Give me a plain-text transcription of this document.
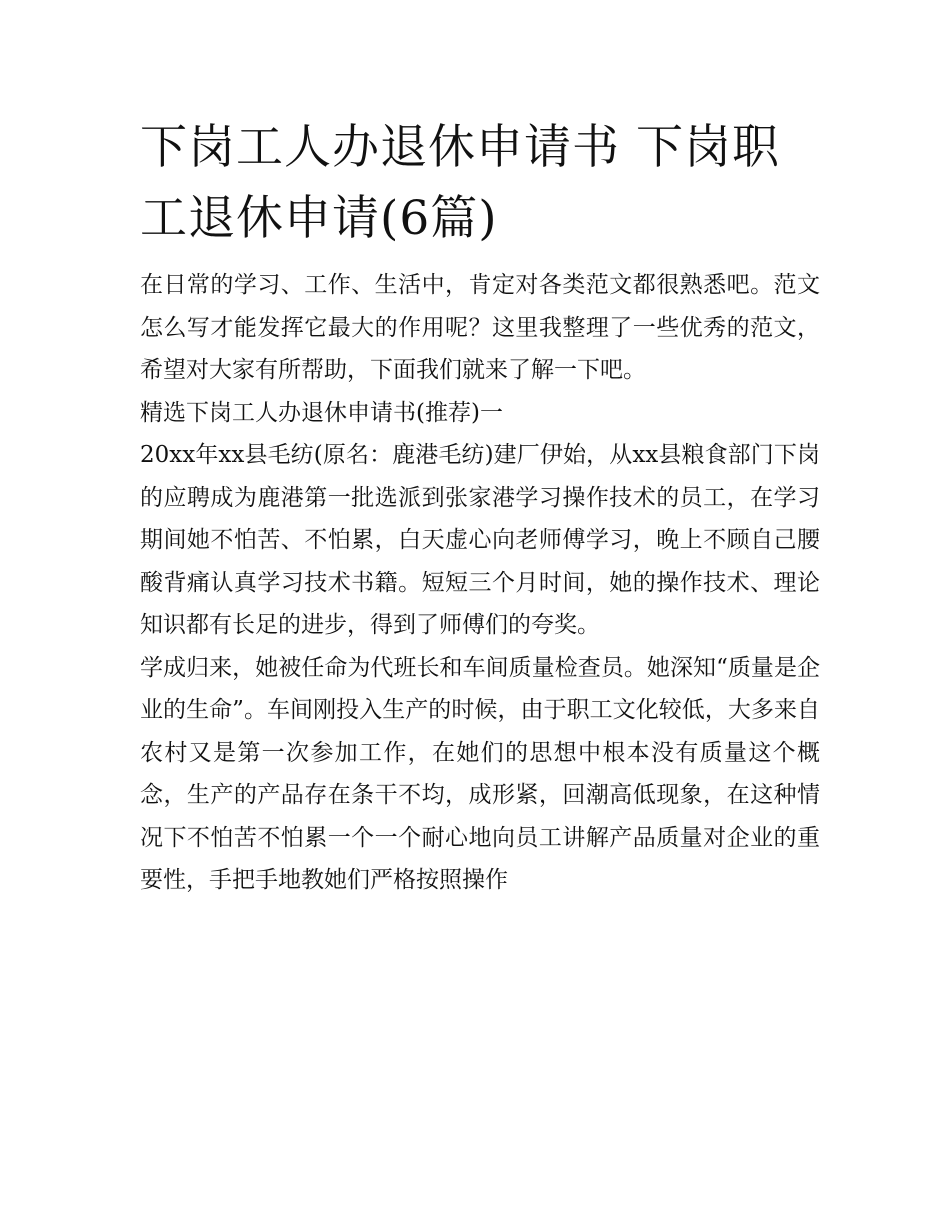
下岗工人办退休申请书 下岗职工退休申请(6篇)

在日常的学习、工作、生活中，肯定对各类范文都很熟悉吧。范文怎么写才能发挥它最大的作用呢？这里我整理了一些优秀的范文，希望对大家有所帮助，下面我们就来了解一下吧。

精选下岗工人办退休申请书(推荐)一

20xx年xx县毛纺(原名：鹿港毛纺)建厂伊始，从xx县粮食部门下岗的应聘成为鹿港第一批选派到张家港学习操作技术的员工，在学习期间她不怕苦、不怕累，白天虚心向老师傅学习，晚上不顾自己腰酸背痛认真学习技术书籍。短短三个月时间，她的操作技术、理论知识都有长足的进步，得到了师傅们的夸奖。

学成归来，她被任命为代班长和车间质量检查员。她深知“质量是企业的生命”。车间刚投入生产的时候，由于职工文化较低，大多来自农村又是第一次参加工作，在她们的思想中根本没有质量这个概念，生产的产品存在条干不均，成形紧，回潮高低现象，在这种情况下不怕苦不怕累一个一个耐心地向员工讲解产品质量对企业的重要性，手把手地教她们严格按照操作
